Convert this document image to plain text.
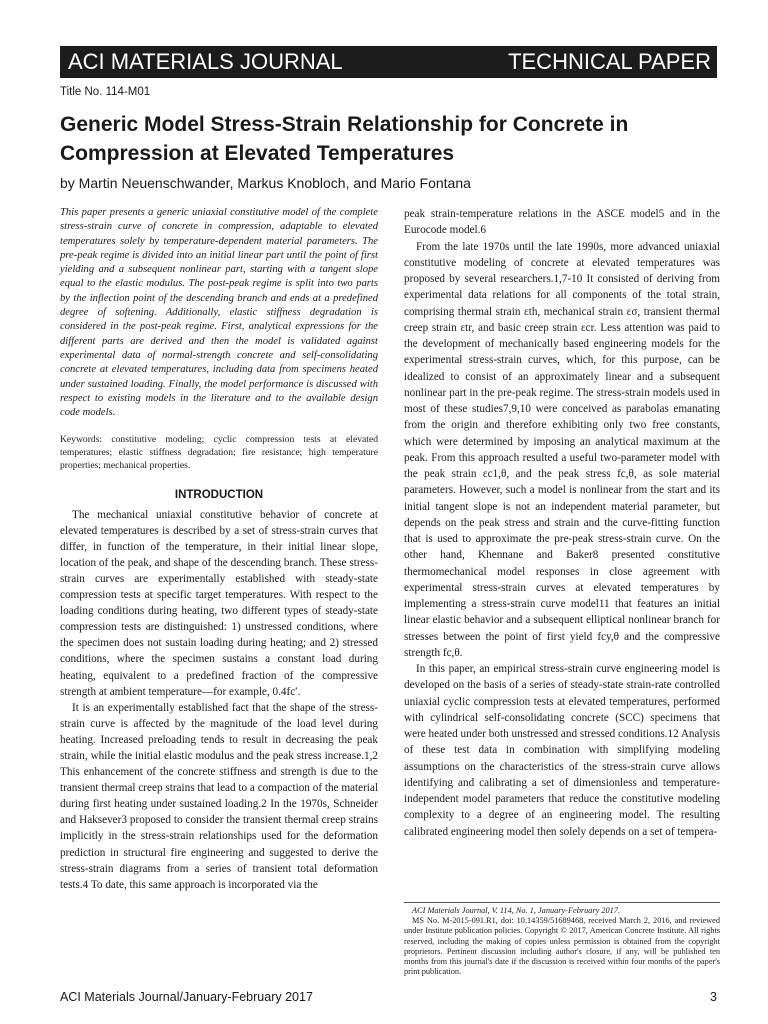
ACI MATERIALS JOURNAL	TECHNICAL PAPER
Title No. 114-M01
Generic Model Stress-Strain Relationship for Concrete in Compression at Elevated Temperatures
by Martin Neuenschwander, Markus Knobloch, and Mario Fontana

This paper presents a generic uniaxial constitutive model of the complete stress-strain curve of concrete in compression, adaptable to elevated temperatures solely by temperature-dependent material parameters. The pre-peak regime is divided into an initial linear part until the point of first yielding and a subsequent nonlinear part, starting with a tangent slope equal to the elastic modulus. The post-peak regime is split into two parts by the inflection point of the descending branch and ends at a predefined degree of softening. Additionally, elastic stiffness degradation is considered in the post-peak regime. First, analytical expressions for the different parts are derived and then the model is validated against experimental data of normal-strength concrete and self-consolidating concrete at elevated temperatures, including data from specimens heated under sustained loading. Finally, the model performance is discussed with respect to existing models in the literature and to the available design code models.

Keywords: constitutive modeling; cyclic compression tests at elevated temperatures; elastic stiffness degradation; fire resistance; high temperature properties; mechanical properties.

INTRODUCTION

The mechanical uniaxial constitutive behavior of concrete at elevated temperatures is described by a set of stress-strain curves that differ, in function of the temperature, in their initial linear slope, location of the peak, and shape of the descending branch. These stress-strain curves are experimentally established with steady-state compression tests at specific target temperatures. With respect to the loading conditions during heating, two different types of steady-state compression tests are distinguished: 1) unstressed conditions, where the specimen does not sustain loading during heating; and 2) stressed conditions, where the specimen sustains a constant load during heating, equivalent to a predefined fraction of the compressive strength at ambient temperature—for example, 0.4fc′.

It is an experimentally established fact that the shape of the stress-strain curve is affected by the magnitude of the load level during heating. Increased preloading tends to result in decreasing the peak strain, while the initial elastic modulus and the peak stress increase.1,2 This enhancement of the concrete stiffness and strength is due to the transient thermal creep strains that lead to a compaction of the material during first heating under sustained loading.2 In the 1970s, Schneider and Haksever3 proposed to consider the transient thermal creep strains implicitly in the stress-strain relationships used for the deformation prediction in structural fire engineering and suggested to derive the stress-strain diagrams from a series of transient total deformation tests.4 To date, this same approach is incorporated via the

peak strain-temperature relations in the ASCE model5 and in the Eurocode model.6

From the late 1970s until the late 1990s, more advanced uniaxial constitutive modeling of concrete at elevated temperatures was proposed by several researchers.1,7-10 It consisted of deriving from experimental data relations for all components of the total strain, comprising thermal strain εth, mechanical strain εσ, transient thermal creep strain εtr, and basic creep strain εcr. Less attention was paid to the development of mechanically based engineering models for the experimental stress-strain curves, which, for this purpose, can be idealized to consist of an approximately linear and a subsequent nonlinear part in the pre-peak regime. The stress-strain models used in most of these studies7,9,10 were conceived as parabolas emanating from the origin and therefore exhibiting only two free constants, which were determined by imposing an analytical maximum at the peak. From this approach resulted a useful two-parameter model with the peak strain εc1,θ, and the peak stress fc,θ, as sole material parameters. However, such a model is nonlinear from the start and its initial tangent slope is not an independent material parameter, but depends on the peak stress and strain and the curve-fitting function that is used to approximate the pre-peak stress-strain curve. On the other hand, Khennane and Baker8 presented constitutive thermomechanical model responses in close agreement with experimental stress-strain curves at elevated temperatures by implementing a stress-strain curve model11 that features an initial linear elastic behavior and a subsequent elliptical nonlinear branch for stresses between the point of first yield fcy,θ and the compressive strength fc,θ.

In this paper, an empirical stress-strain curve engineering model is developed on the basis of a series of steady-state strain-rate controlled uniaxial cyclic compression tests at elevated temperatures, performed with cylindrical self-consolidating concrete (SCC) specimens that were heated under both unstressed and stressed conditions.12 Analysis of these test data in combination with simplifying modeling assumptions on the characteristics of the stress-strain curve allows identifying and calibrating a set of dimensionless and temperature-independent model parameters that reduce the constitutive modeling complexity to a degree of an engineering model. The resulting calibrated engineering model then solely depends on a set of tempera-

ACI Materials Journal, V. 114, No. 1, January-February 2017.

MS No. M-2015-091.R1, doi: 10.14359/51689468, received March 2, 2016, and reviewed under Institute publication policies. Copyright © 2017, American Concrete Institute. All rights reserved, including the making of copies unless permission is obtained from the copyright proprietors. Pertinent discussion including author's closure, if any, will be published ten months from this journal's date if the discussion is received within four months of the paper's print publication.

ACI Materials Journal/January-February 2017	3
